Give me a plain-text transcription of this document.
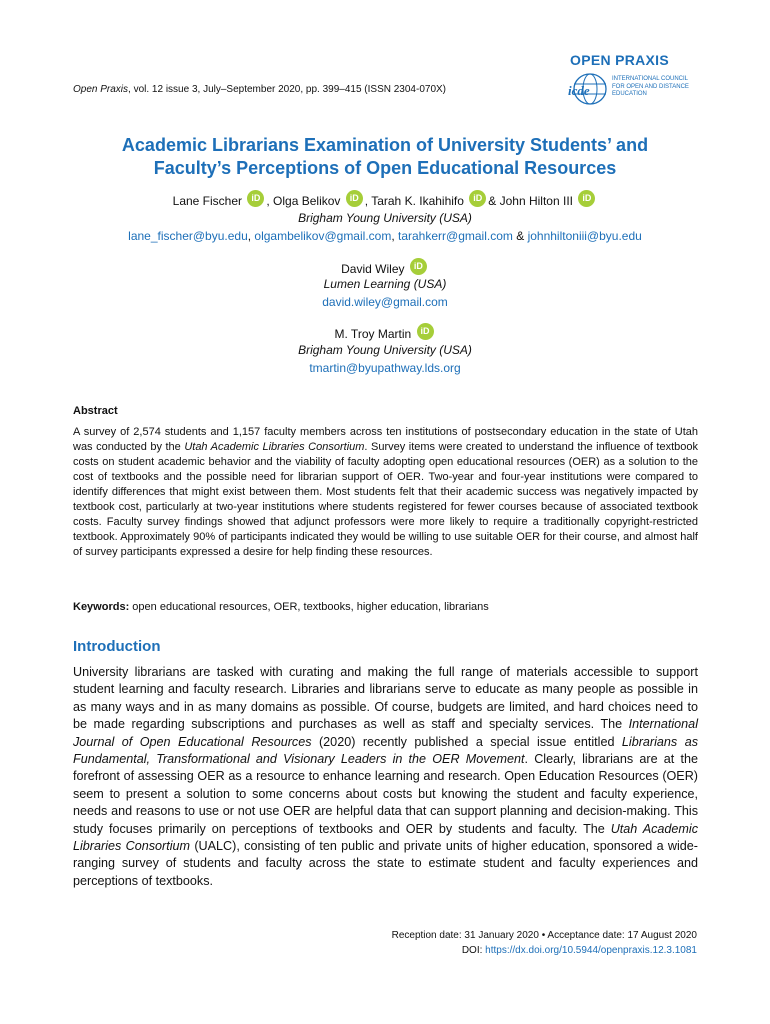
OPEN PRAXIS
icde
INTERNATIONAL COUNCIL FOR OPEN AND DISTANCE EDUCATION
Open Praxis, vol. 12 issue 3, July–September 2020, pp. 399–415 (ISSN 2304-070X)
Academic Librarians Examination of University Students’ and
Faculty’s Perceptions of Open Educational Resources
Lane Fischer iD , Olga Belikov iD , Tarah K. Ikahihifo iD & John Hilton III iD
Brigham Young University (USA)
lane_fischer@byu.edu, olgambelikov@gmail.com, tarahkerr@gmail.com & johnhiltoniii@byu.edu
David Wiley iD
Lumen Learning (USA)
david.wiley@gmail.com
M. Troy Martin iD
Brigham Young University (USA)
tmartin@byupathway.lds.org
Abstract
A survey of 2,574 students and 1,157 faculty members across ten institutions of postsecondary education in the state of Utah was conducted by the Utah Academic Libraries Consortium. Survey items were created to understand the influence of textbook costs on student academic behavior and the viability of faculty adopting open educational resources (OER) as a solution to the cost of textbooks and the possible need for librarian support of OER. Two-year and four-year institutions were compared to identify differences that might exist between them. Most students felt that their academic success was negatively impacted by textbook cost, particularly at two-year institutions where students registered for fewer courses because of associated textbook costs. Faculty survey findings showed that adjunct professors were more likely to require a traditionally copyright-restricted textbook. Approximately 90% of participants indicated they would be willing to use suitable OER for their course, and almost half of survey participants expressed a desire for help finding these resources.
Keywords: open educational resources, OER, textbooks, higher education, librarians
Introduction
University librarians are tasked with curating and making the full range of materials accessible to support student learning and faculty research. Libraries and librarians serve to educate as many people as possible in as many ways and in as many domains as possible. Of course, budgets are limited, and hard choices need to be made regarding subscriptions and purchases as well as staff and specialty services. The International Journal of Open Educational Resources (2020) recently published a special issue entitled Librarians as Fundamental, Transformational and Visionary Leaders in the OER Movement. Clearly, librarians are at the forefront of assessing OER as a resource to enhance learning and research. Open Education Resources (OER) seem to present a solution to some concerns about costs but knowing the student and faculty experience, needs and reasons to use or not use OER are helpful data that can support planning and decision-making. This study focuses primarily on perceptions of textbooks and OER by students and faculty. The Utah Academic Libraries Consortium (UALC), consisting of ten public and private units of higher education, sponsored a wide-ranging survey of students and faculty across the state to estimate student and faculty experiences and perceptions of textbooks.
Reception date: 31 January 2020 • Acceptance date: 17 August 2020
DOI: https://dx.doi.org/10.5944/openpraxis.12.3.1081
